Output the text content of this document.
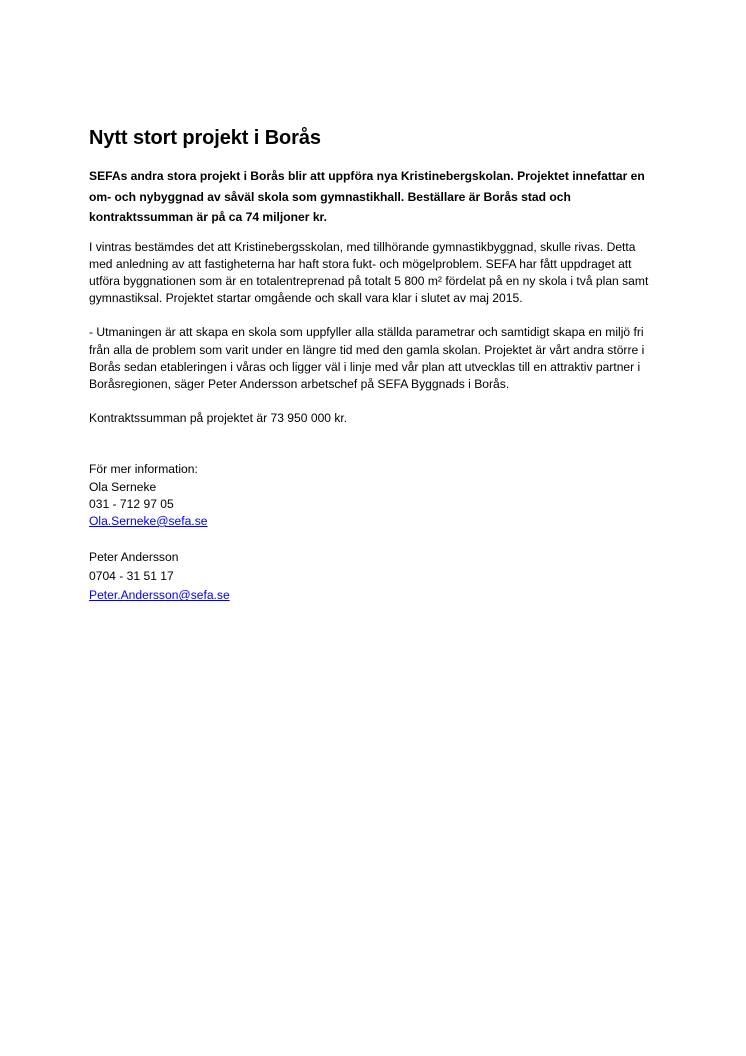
Nytt stort projekt i Borås

SEFAs andra stora projekt i Borås blir att uppföra nya Kristinebergskolan. Projektet innefattar en om- och nybyggnad av såväl skola som gymnastikhall. Beställare är Borås stad och kontraktssumman är på ca 74 miljoner kr.

I vintras bestämdes det att Kristinebergsskolan, med tillhörande gymnastikbyggnad, skulle rivas. Detta med anledning av att fastigheterna har haft stora fukt- och mögelproblem. SEFA har fått uppdraget att utföra byggnationen som är en totalentreprenad på totalt 5 800 m² fördelat på en ny skola i två plan samt gymnastiksal. Projektet startar omgående och skall vara klar i slutet av maj 2015.

- Utmaningen är att skapa en skola som uppfyller alla ställda parametrar och samtidigt skapa en miljö fri från alla de problem som varit under en längre tid med den gamla skolan. Projektet är vårt andra större i Borås sedan etableringen i våras och ligger väl i linje med vår plan att utvecklas till en attraktiv partner i Boråsregionen, säger Peter Andersson arbetschef på SEFA Byggnads i Borås.

Kontraktssumman på projektet är 73 950 000 kr.

För mer information:
Ola Serneke
031 - 712 97 05
Ola.Serneke@sefa.se
Peter Andersson
0704 - 31 51 17
Peter.Andersson@sefa.se
